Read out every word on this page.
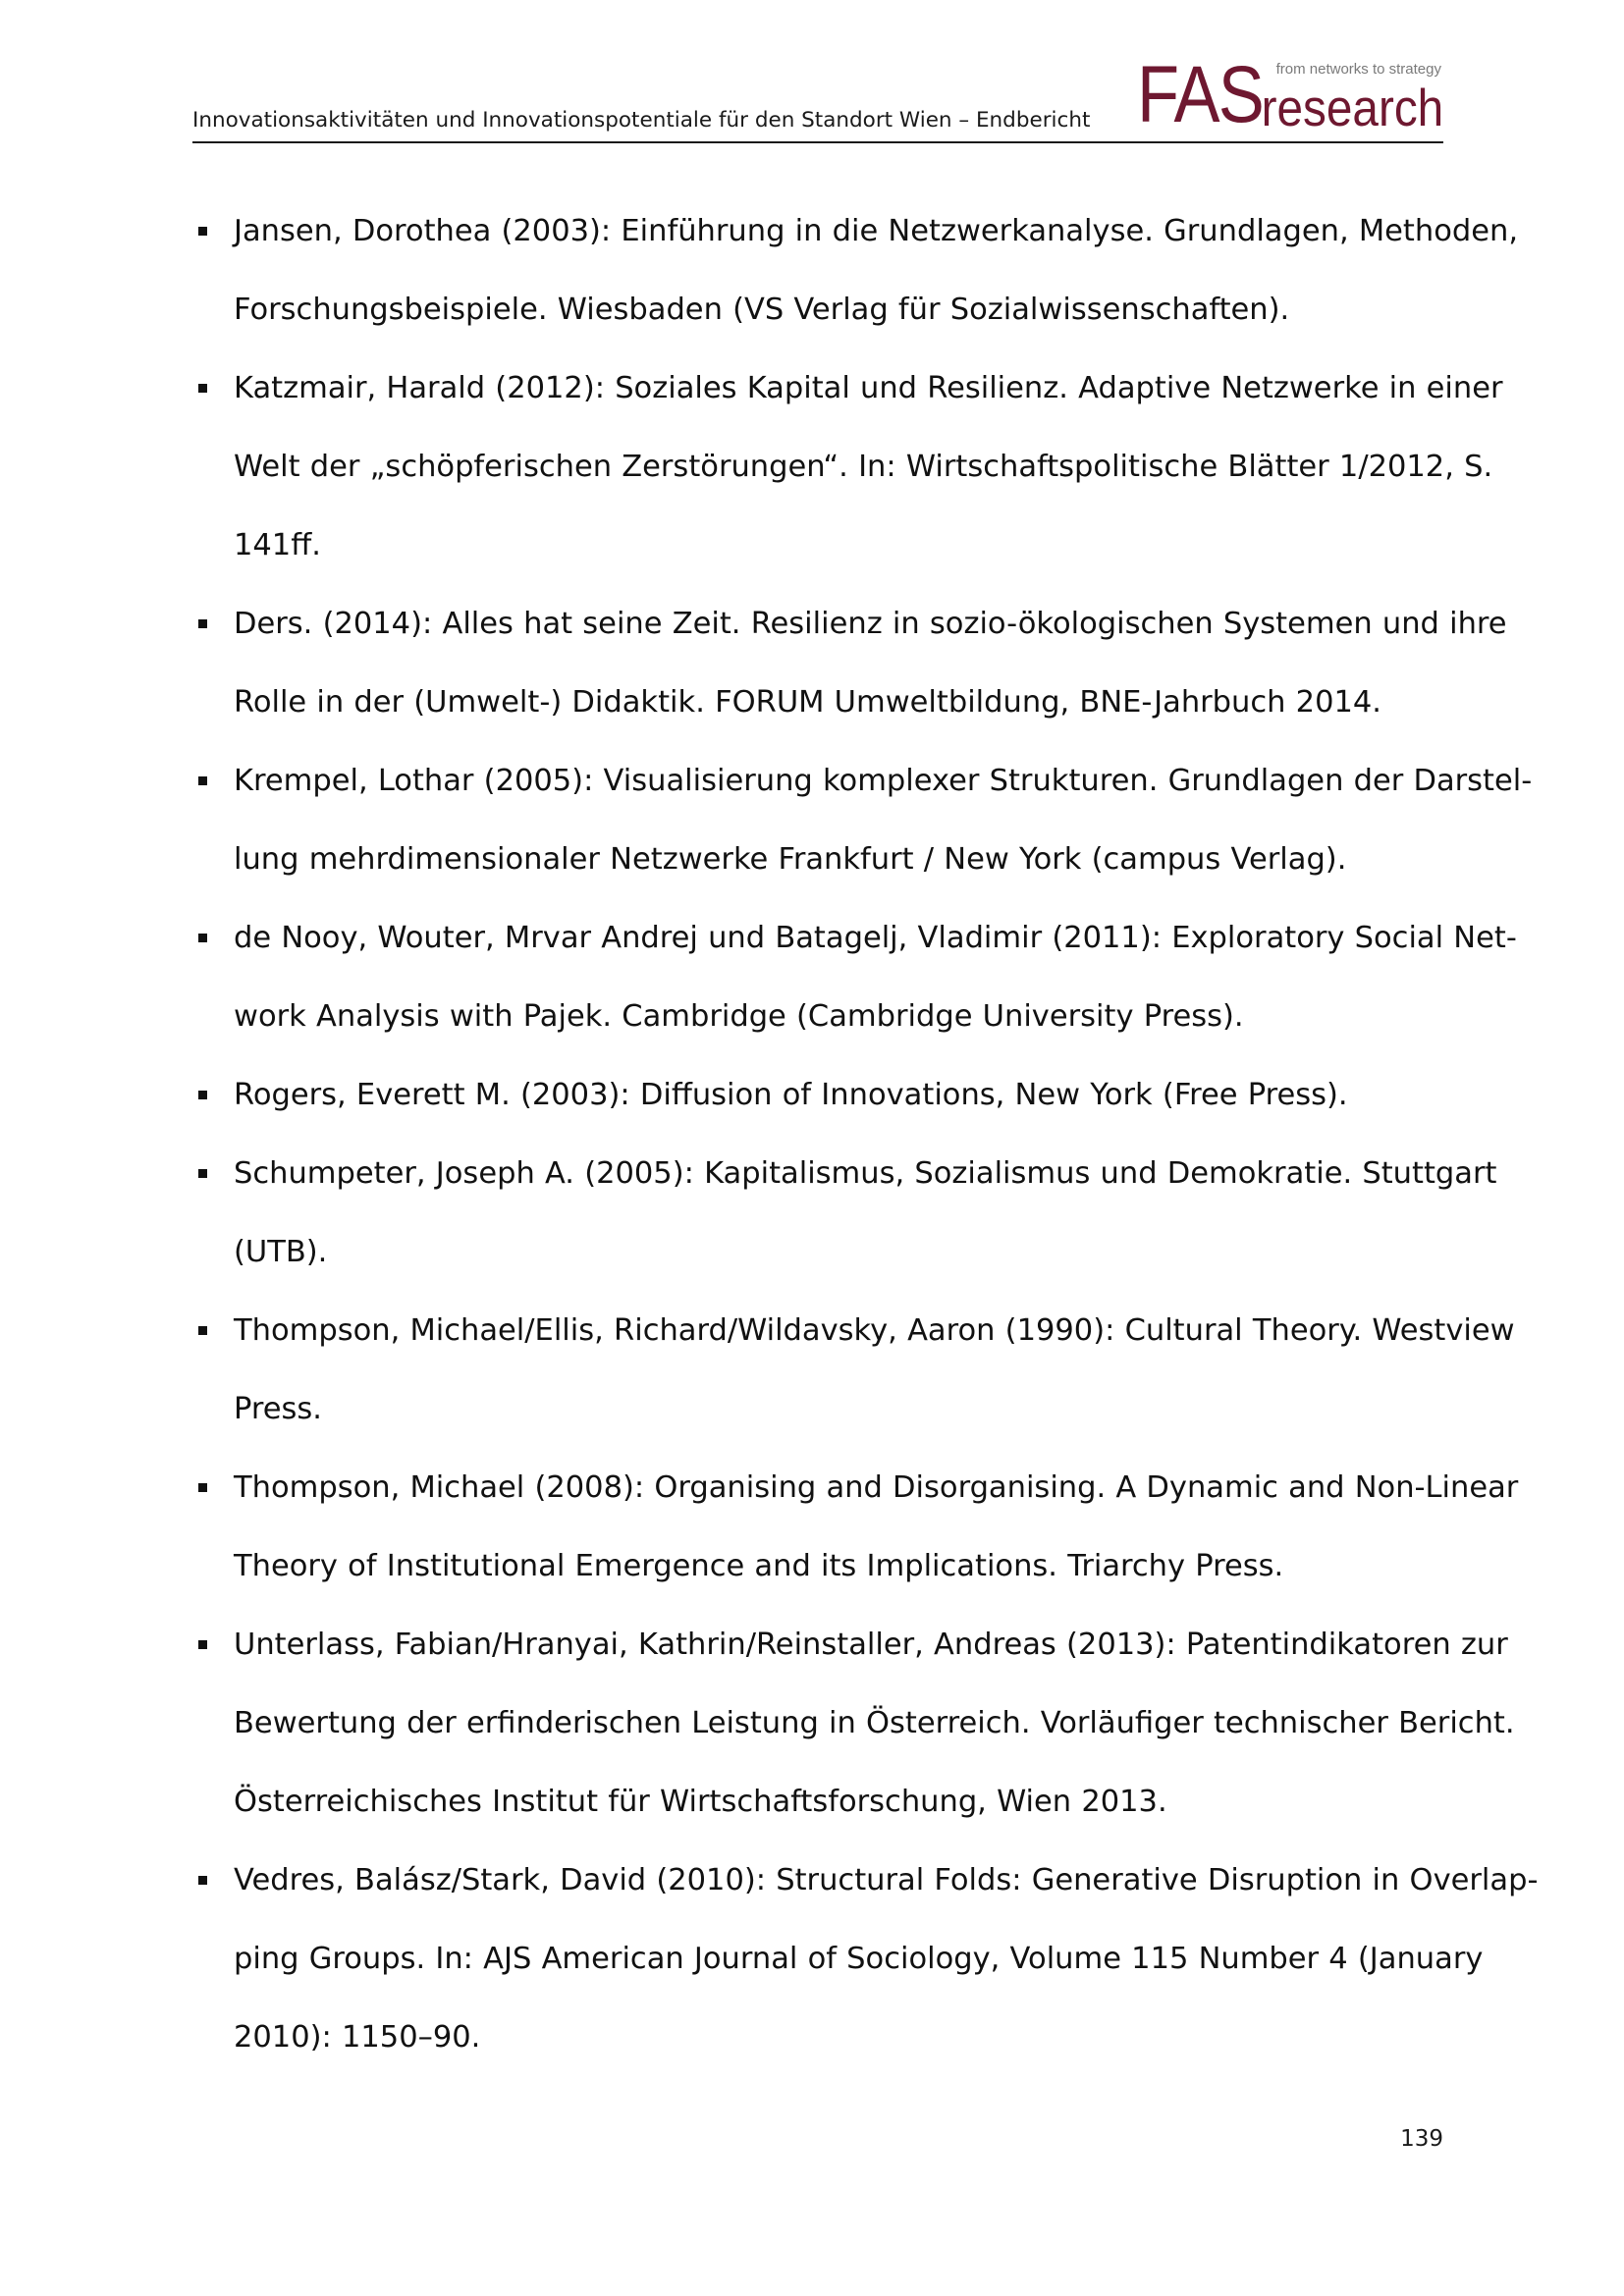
Innovationsaktivitäten und Innovationspotentiale für den Standort Wien – Endbericht FAS from networks to strategy
research
Jansen, Dorothea (2003): Einführung in die Netzwerkanalyse. Grundlagen, Methoden,
Forschungsbeispiele. Wiesbaden (VS Verlag für Sozialwissenschaften).
Katzmair, Harald (2012): Soziales Kapital und Resilienz. Adaptive Netzwerke in einer
Welt der „schöpferischen Zerstörungen“. In: Wirtschaftspolitische Blätter 1/2012, S.
141ff.
Ders. (2014): Alles hat seine Zeit. Resilienz in sozio-ökologischen Systemen und ihre
Rolle in der (Umwelt-) Didaktik. FORUM Umweltbildung, BNE-Jahrbuch 2014.
Krempel, Lothar (2005): Visualisierung komplexer Strukturen. Grundlagen der Darstel-
lung mehrdimensionaler Netzwerke Frankfurt / New York (campus Verlag).
de Nooy, Wouter, Mrvar Andrej und Batagelj, Vladimir (2011): Exploratory Social Net-
work Analysis with Pajek. Cambridge (Cambridge University Press).
Rogers, Everett M. (2003): Diffusion of Innovations, New York (Free Press).
Schumpeter, Joseph A. (2005): Kapitalismus, Sozialismus und Demokratie. Stuttgart
(UTB).
Thompson, Michael/Ellis, Richard/Wildavsky, Aaron (1990): Cultural Theory. Westview
Press.
Thompson, Michael (2008): Organising and Disorganising. A Dynamic and Non-Linear
Theory of Institutional Emergence and its Implications. Triarchy Press.
Unterlass, Fabian/Hranyai, Kathrin/Reinstaller, Andreas (2013): Patentindikatoren zur
Bewertung der erfinderischen Leistung in Österreich. Vorläufiger technischer Bericht.
Österreichisches Institut für Wirtschaftsforschung, Wien 2013.
Vedres, Balász/Stark, David (2010): Structural Folds: Generative Disruption in Overlap-
ping Groups. In: AJS American Journal of Sociology, Volume 115 Number 4 (January
2010): 1150–90.
139
